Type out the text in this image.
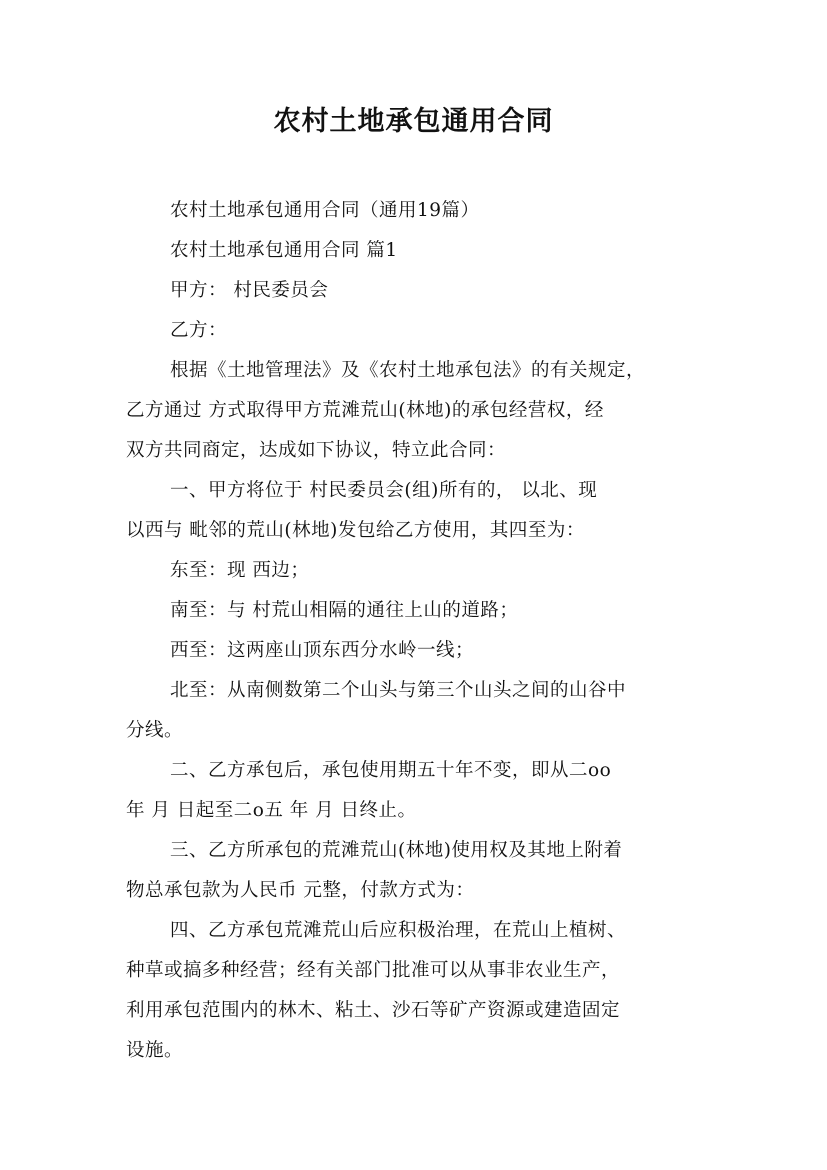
农村土地承包通用合同
农村土地承包通用合同（通用19篇）
农村土地承包通用合同 篇1
甲方： 村民委员会
乙方：
根据《土地管理法》及《农村土地承包法》的有关规定，
乙方通过 方式取得甲方荒滩荒山(林地)的承包经营权，经
双方共同商定，达成如下协议，特立此合同：
一、甲方将位于 村民委员会(组)所有的， 以北、现
以西与 毗邻的荒山(林地)发包给乙方使用，其四至为：
东至：现 西边；
南至：与 村荒山相隔的通往上山的道路；
西至：这两座山顶东西分水岭一线；
北至：从南侧数第二个山头与第三个山头之间的山谷中
分线。
二、乙方承包后，承包使用期五十年不变，即从二oo
年 月 日起至二o五 年 月 日终止。
三、乙方所承包的荒滩荒山(林地)使用权及其地上附着
物总承包款为人民币 元整，付款方式为：
四、乙方承包荒滩荒山后应积极治理，在荒山上植树、
种草或搞多种经营；经有关部门批准可以从事非农业生产，
利用承包范围内的林木、粘土、沙石等矿产资源或建造固定
设施。
